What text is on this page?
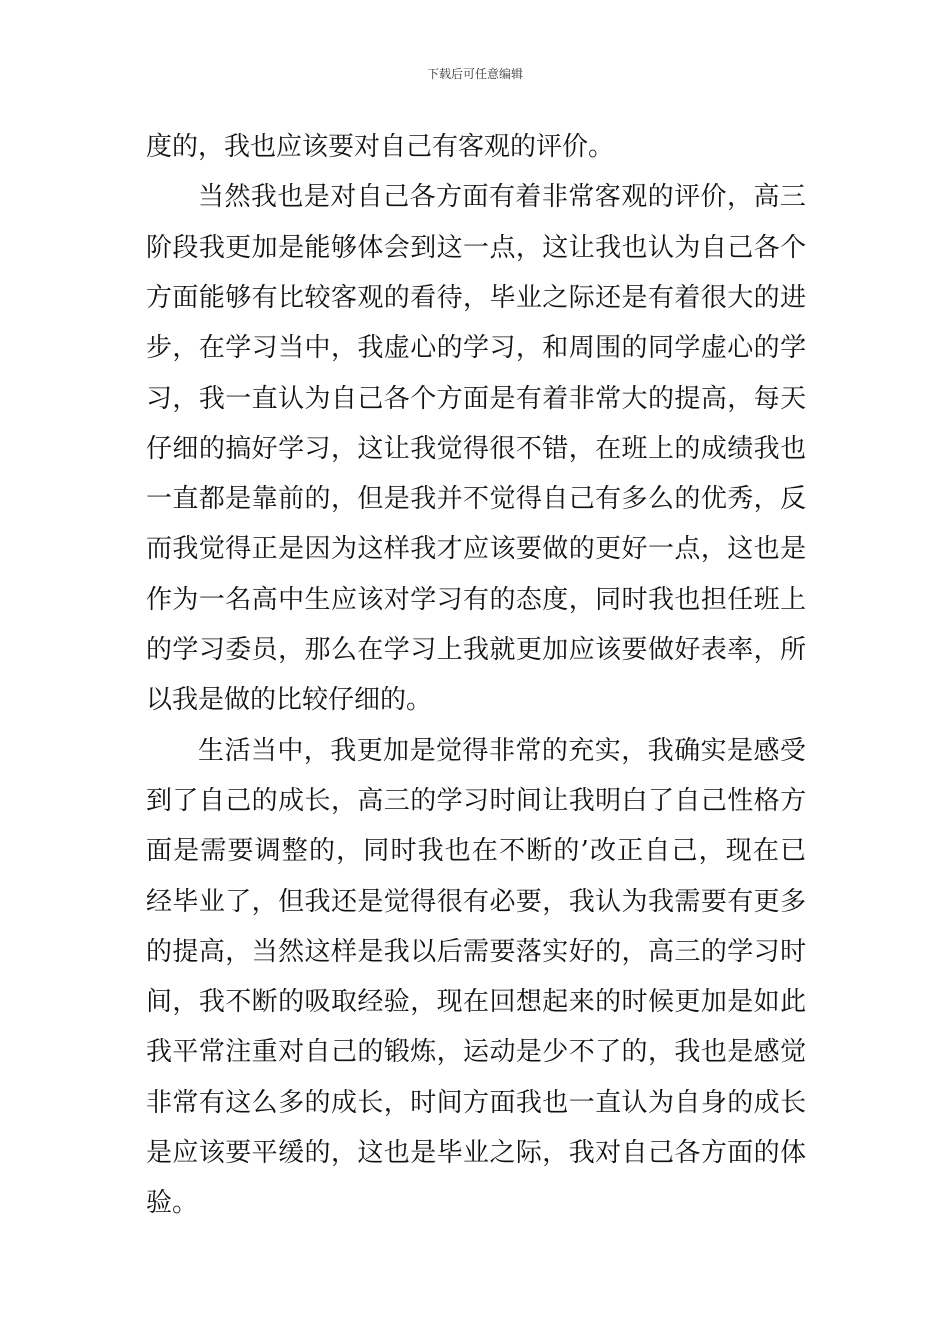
下载后可任意编辑
度的，我也应该要对自己有客观的评价。
当然我也是对自己各方面有着非常客观的评价，高三
阶段我更加是能够体会到这一点，这让我也认为自己各个
方面能够有比较客观的看待，毕业之际还是有着很大的进
步，在学习当中，我虚心的学习，和周围的同学虚心的学
习，我一直认为自己各个方面是有着非常大的提高，每天
仔细的搞好学习，这让我觉得很不错，在班上的成绩我也
一直都是靠前的，但是我并不觉得自己有多么的优秀，反
而我觉得正是因为这样我才应该要做的更好一点，这也是
作为一名高中生应该对学习有的态度，同时我也担任班上
的学习委员，那么在学习上我就更加应该要做好表率，所
以我是做的比较仔细的。
生活当中，我更加是觉得非常的充实，我确实是感受
到了自己的成长，高三的学习时间让我明白了自己性格方
面是需要调整的，同时我也在不断的’改正自己，现在已
经毕业了，但我还是觉得很有必要，我认为我需要有更多
的提高，当然这样是我以后需要落实好的，高三的学习时
间，我不断的吸取经验，现在回想起来的时候更加是如此
我平常注重对自己的锻炼，运动是少不了的，我也是感觉
非常有这么多的成长，时间方面我也一直认为自身的成长
是应该要平缓的，这也是毕业之际，我对自己各方面的体
验。
